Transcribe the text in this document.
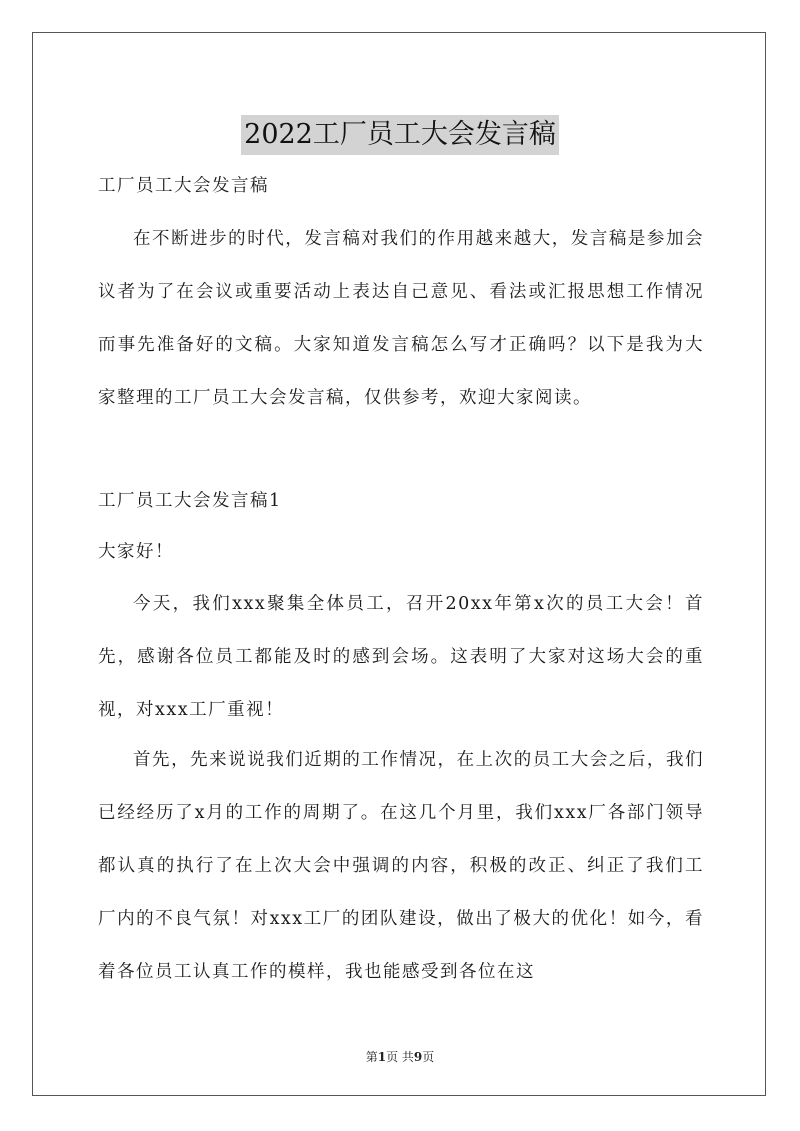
2022工厂员工大会发言稿

工厂员工大会发言稿

在不断进步的时代，发言稿对我们的作用越来越大，发言稿是参加会议者为了在会议或重要活动上表达自己意见、看法或汇报思想工作情况而事先准备好的文稿。大家知道发言稿怎么写才正确吗？以下是我为大家整理的工厂员工大会发言稿，仅供参考，欢迎大家阅读。

工厂员工大会发言稿1

大家好！

今天，我们xxx聚集全体员工，召开20xx年第x次的员工大会！首先，感谢各位员工都能及时的感到会场。这表明了大家对这场大会的重视，对xxx工厂重视！

首先，先来说说我们近期的工作情况，在上次的员工大会之后，我们已经经历了x月的工作的周期了。在这几个月里，我们xxx厂各部门领导都认真的执行了在上次大会中强调的内容，积极的改正、纠正了我们工厂内的不良气氛！对xxx工厂的团队建设，做出了极大的优化！如今，看着各位员工认真工作的模样，我也能感受到各位在这

第1页 共9页
